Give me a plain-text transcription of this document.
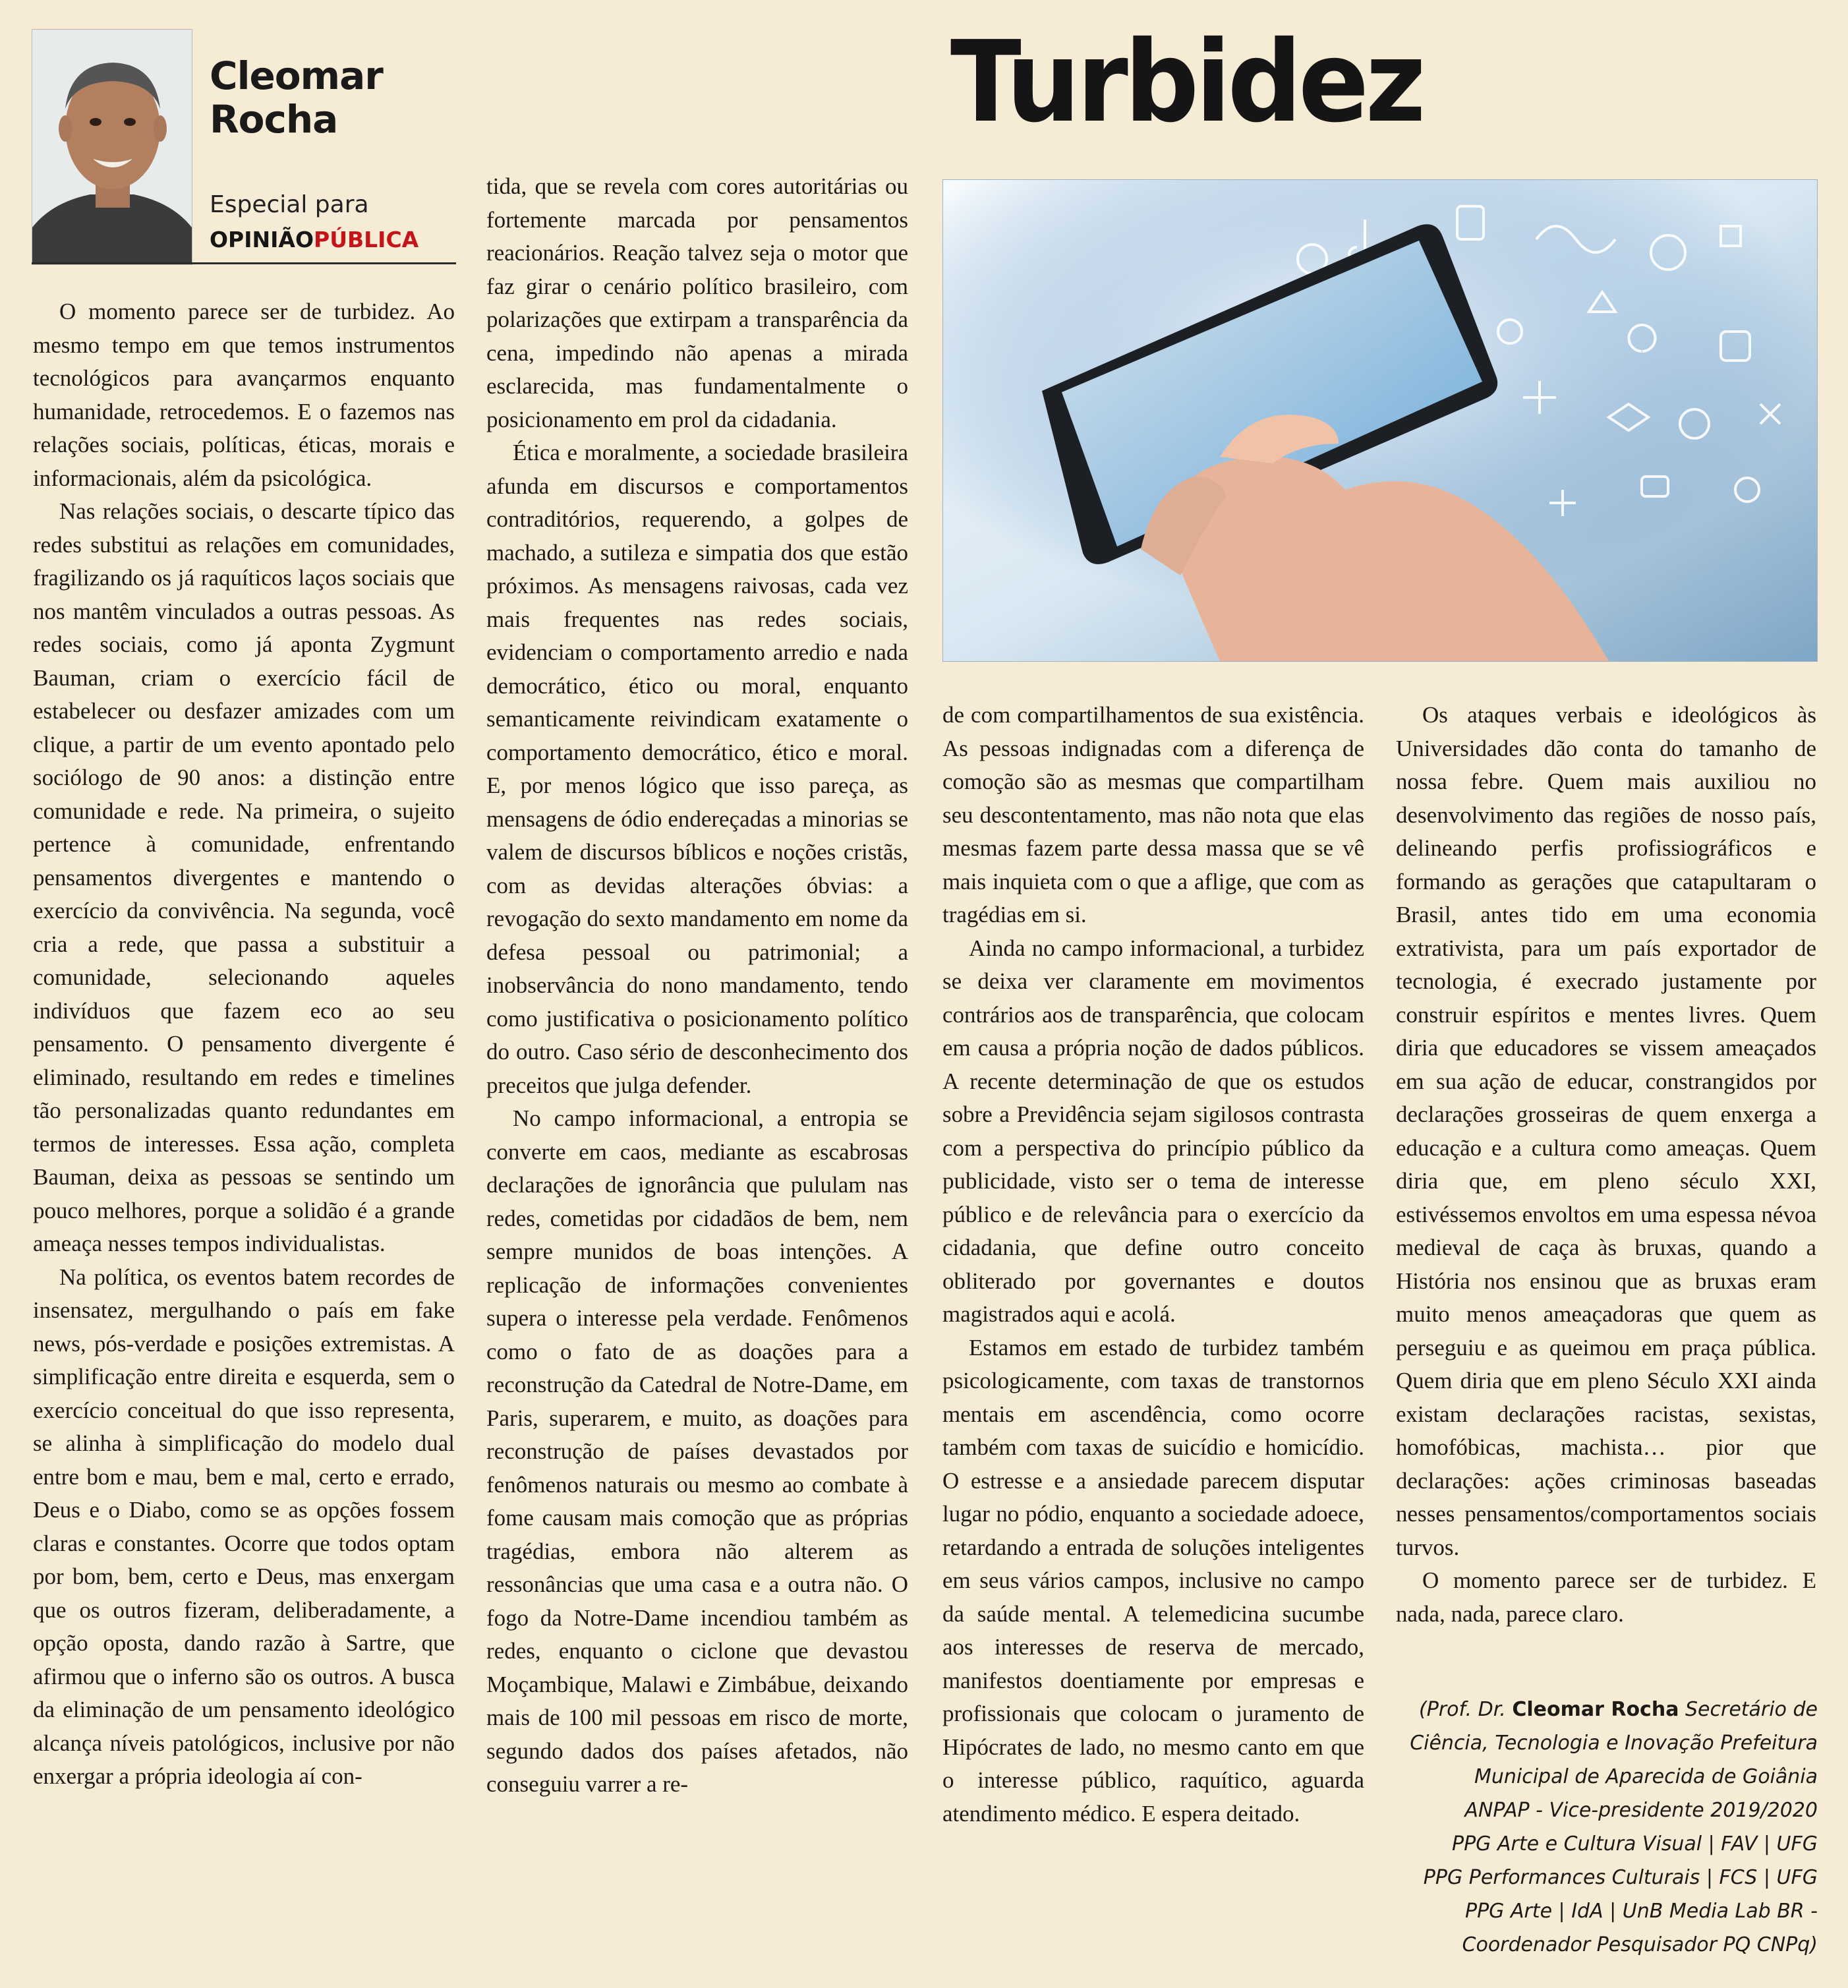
Cleomar
Rocha
Especial para
OPINIÃOPÚBLICA
Turbidez

O momento parece ser de turbidez. Ao mesmo tempo em que temos instrumentos tecnológicos para avançarmos enquanto humanidade, retrocedemos. E o fazemos nas relações sociais, políticas, éticas, morais e informacionais, além da psicológica.

Nas relações sociais, o descarte típico das redes substitui as relações em comunidades, fragilizando os já raquíticos laços sociais que nos mantêm vinculados a outras pessoas. As redes sociais, como já aponta Zygmunt Bauman, criam o exercício fácil de estabelecer ou desfazer amizades com um clique, a partir de um evento apontado pelo sociólogo de 90 anos: a distinção entre comunidade e rede. Na primeira, o sujeito pertence à comunidade, enfrentando pensamentos divergentes e mantendo o exercício da convivência. Na segunda, você cria a rede, que passa a substituir a comunidade, selecionando aqueles indivíduos que fazem eco ao seu pensamento. O pensamento divergente é eliminado, resultando em redes e timelines tão personalizadas quanto redundantes em termos de interesses. Essa ação, completa Bauman, deixa as pessoas se sentindo um pouco melhores, porque a solidão é a grande ameaça nesses tempos individualistas.

Na política, os eventos batem recordes de insensatez, mergulhando o país em fake news, pós-verdade e posições extremistas. A simplificação entre direita e esquerda, sem o exercício conceitual do que isso representa, se alinha à simplificação do modelo dual entre bom e mau, bem e mal, certo e errado, Deus e o Diabo, como se as opções fossem claras e constantes. Ocorre que todos optam por bom, bem, certo e Deus, mas enxergam que os outros fizeram, deliberadamente, a opção oposta, dando razão à Sartre, que afirmou que o inferno são os outros. A busca da eliminação de um pensamento ideológico alcança níveis patológicos, inclusive por não enxergar a própria ideologia aí con-

tida, que se revela com cores autoritárias ou fortemente marcada por pensamentos reacionários. Reação talvez seja o motor que faz girar o cenário político brasileiro, com polarizações que extirpam a transparência da cena, impedindo não apenas a mirada esclarecida, mas fundamentalmente o posicionamento em prol da cidadania.

Ética e moralmente, a sociedade brasileira afunda em discursos e comportamentos contraditórios, requerendo, a golpes de machado, a sutileza e simpatia dos que estão próximos. As mensagens raivosas, cada vez mais frequentes nas redes sociais, evidenciam o comportamento arredio e nada democrático, ético ou moral, enquanto semanticamente reivindicam exatamente o comportamento democrático, ético e moral. E, por menos lógico que isso pareça, as mensagens de ódio endereçadas a minorias se valem de discursos bíblicos e noções cristãs, com as devidas alterações óbvias: a revogação do sexto mandamento em nome da defesa pessoal ou patrimonial; a inobservância do nono mandamento, tendo como justificativa o posicionamento político do outro. Caso sério de desconhecimento dos preceitos que julga defender.

No campo informacional, a entropia se converte em caos, mediante as escabrosas declarações de ignorância que pululam nas redes, cometidas por cidadãos de bem, nem sempre munidos de boas intenções. A replicação de informações convenientes supera o interesse pela verdade. Fenômenos como o fato de as doações para a reconstrução da Catedral de Notre-Dame, em Paris, superarem, e muito, as doações para reconstrução de países devastados por fenômenos naturais ou mesmo ao combate à fome causam mais comoção que as próprias tragédias, embora não alterem as ressonâncias que uma casa e a outra não. O fogo da Notre-Dame incendiou também as redes, enquanto o ciclone que devastou Moçambique, Malawi e Zimbábue, deixando mais de 100 mil pessoas em risco de morte, segundo dados dos países afetados, não conseguiu varrer a re-

de com compartilhamentos de sua existência. As pessoas indignadas com a diferença de comoção são as mesmas que compartilham seu descontentamento, mas não nota que elas mesmas fazem parte dessa massa que se vê mais inquieta com o que a aflige, que com as tragédias em si.

Ainda no campo informacional, a turbidez se deixa ver claramente em movimentos contrários aos de transparência, que colocam em causa a própria noção de dados públicos. A recente determinação de que os estudos sobre a Previdência sejam sigilosos contrasta com a perspectiva do princípio público da publicidade, visto ser o tema de interesse público e de relevância para o exercício da cidadania, que define outro conceito obliterado por governantes e doutos magistrados aqui e acolá.

Estamos em estado de turbidez também psicologicamente, com taxas de transtornos mentais em ascendência, como ocorre também com taxas de suicídio e homicídio. O estresse e a ansiedade parecem disputar lugar no pódio, enquanto a sociedade adoece, retardando a entrada de soluções inteligentes em seus vários campos, inclusive no campo da saúde mental. A telemedicina sucumbe aos interesses de reserva de mercado, manifestos doentiamente por empresas e profissionais que colocam o juramento de Hipócrates de lado, no mesmo canto em que o interesse público, raquítico, aguarda atendimento médico. E espera deitado.

Os ataques verbais e ideológicos às Universidades dão conta do tamanho de nossa febre. Quem mais auxiliou no desenvolvimento das regiões de nosso país, delineando perfis profissiográficos e formando as gerações que catapultaram o Brasil, antes tido em uma economia extrativista, para um país exportador de tecnologia, é execrado justamente por construir espíritos e mentes livres. Quem diria que educadores se vissem ameaçados em sua ação de educar, constrangidos por declarações grosseiras de quem enxerga a educação e a cultura como ameaças. Quem diria que, em pleno século XXI, estivéssemos envoltos em uma espessa névoa medieval de caça às bruxas, quando a História nos ensinou que as bruxas eram muito menos ameaçadoras que quem as perseguiu e as queimou em praça pública. Quem diria que em pleno Século XXI ainda existam declarações racistas, sexistas, homofóbicas, machista… pior que declarações: ações criminosas baseadas nesses pensamentos/comportamentos sociais turvos.

O momento parece ser de turbidez. E nada, nada, parece claro.

(Prof. Dr. Cleomar Rocha Secretário de Ciência, Tecnologia e Inovação Prefeitura Municipal de Aparecida de Goiânia
ANPAP - Vice-presidente 2019/2020
PPG Arte e Cultura Visual | FAV | UFG
PPG Performances Culturais | FCS | UFG
PPG Arte | IdA | UnB Media Lab BR -
Coordenador Pesquisador PQ CNPq)
